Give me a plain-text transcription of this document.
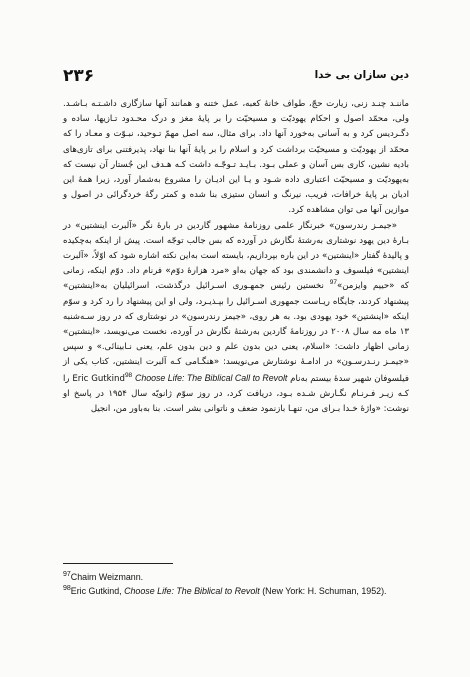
۲۳۶	دین سازان بی خدا

ماننـد چنـد زنی، زیارت حجّ، طواف خانۀ کعبه، عمل ختنه و همانند آنها سازگاری داشـتـه بـاشـد. ولی، محمّد اصول و احکام یهودیّت و مسیحیّت را بر پایۀ مغز و درک محـدود تـازیها، ساده و دگـرديس کرد و به آسانی به‌خورد آنها داد. برای مثال، سه اصل مهمّ تـوحید، نبـوّت و معـاد را که محمّد از یهودیّت و مسیحیّت برداشت کرد و اسلام را بر پایۀ آنها بنا نهاد، پذیرفتنی برای تازی‌های بادیه نشین، کاری بس آسان و عملی بـود. بـایـد تـوجّـه داشت کـه هـدف این جُستار آن نیست که به‌یهودیّت و مسیحیّت اعتباری داده شـود و یـا این ادیـان را مشروع به‌شمار آورد، زیرا همۀ این ادیان بر پایۀ خرافات، فریب، نیرنگ و انسان ستیزی بنا شده و کمتر رگۀ خردگرائی در اصول و موازین آنها می توان مشاهده کرد.

«جیمـز رندرسون» خبرنگار علمی روزنامۀ مشهور گاردین در بارۀ نگر «آلبرت اینشتین» در بـارۀ دین یهود نوشتاری به‌رشتۀ نگارش در آورده که بس جالب توجّه است. پیش از اینکه به‌چکیده و پالیدۀ گفتار «اینشتین» در این باره بپردازیم، بایسته است به‌این نکته اشاره شود که اوّلاً، «آلبرت اینشتین» فیلسوف و دانشمندی بود که جهان به‌او «مرد هزارۀ دوّم» فرنام داد. دوّم اینکه، زمانی که «حییم وایزمن»$^{97}$ نخستین رئیس جمهـوری اسـرائیل در‌گذشت، اسرائیلیان به«اینشتین» پیشنهاد کردند، جایگاه ریـاست جمهوری اسـرائیل را بپـذیـرد، ولی او این پیشنهاد را رد کرد و سوّم اینکه «اینشتین» خود یهودی بود. به هر روی، «جیمز رندرسون» در نوشتاری که در روز سـه‌شنبه ۱۳ ماه مه سال ۲۰۰۸ در روزنامۀ گاردین به‌رشتۀ نگارش در آورده، نخست می‌نویسد، «اینشتین» زمانی اظهار داشت: «اسلام، یعنی دین بدون علم و دین بدون علم، یعنی نـابینائی.» و سپس «جیمـز رنـدرسـون» در ادامـۀ نوشتارش می‌نویسد: «هنگـامی کـه آلبرت اینشتین، کتاب یکی از فیلسوفان شهیر سدۀ بیستم به‌نام Eric Gutkind$^{98}$ Choose Life: The Biblical Call to Revolt را کـه زیـر فـرنـام نگـارش شـده بـود، دریافت کرد، در روز سوّم ژانویّه سال ۱۹۵۴ در پاسخ او نوشت: «واژۀ خـدا بـرای من، تنهـا بازنمود ضعف و ناتوانی بشر است. بنا به‌باور من، انجیل

$^{97}$Chaim Weizmann.

$^{98}$Eric Gutkind, Choose Life: The Biblical to Revolt (New York: H. Schuman, 1952).
